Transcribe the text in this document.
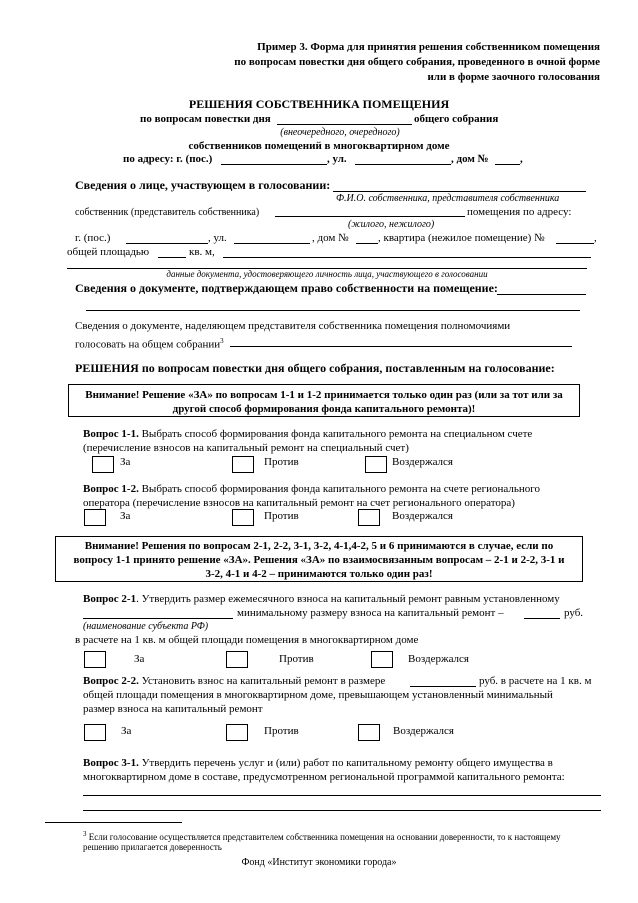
Пример 3. Форма для принятия решения собственником помещения
по вопросам повестки дня общего собрания, проведенного в очной форме
или в форме заочного голосования
РЕШЕНИЯ СОБСТВЕННИКА ПОМЕЩЕНИЯ
по вопросам повестки дня	общего собрания
(внеочередного, очередного)
собственников помещений в многоквартирном доме
по адресу: г. (пос.)	, ул.	, дом №	,
Сведения о лице, участвующем в голосовании:
Ф.И.О. собственника, представителя собственника
собственник (представитель собственника)	помещения по адресу:
(жилого, нежилого)
г. (пос.)	, ул.	, дом №	, квартира (нежилое помещение) №	,
общей площадью	кв. м,
данные документа, удостоверяющего личность лица, участвующего в голосовании
Сведения о документе, подтверждающем право собственности на помещение:
Сведения о документе, наделяющем представителя собственника помещения полномочиями
голосовать на общем собрании$^3$
РЕШЕНИЯ по вопросам повестки дня общего собрания, поставленным на голосование:
Внимание! Решение «ЗА» по вопросам 1-1 и 1-2 принимается только один раз (или за тот или за
другой способ формирования фонда капитального ремонта)!
Вопрос 1-1. Выбрать способ формирования фонда капитального ремонта на специальном счете
(перечисление взносов на капитальный ремонт на специальный счет)
За	Против	Воздержался
Вопрос 1-2. Выбрать способ формирования фонда капитального ремонта на счете регионального
оператора (перечисление взносов на капитальный ремонт на счет регионального оператора)
За	Против	Воздержался
Внимание! Решения по вопросам 2-1, 2-2, 3-1, 3-2, 4-1,4-2, 5 и 6 принимаются в случае, если по
вопросу 1-1 принято решение «ЗА». Решения «ЗА» по взаимосвязанным вопросам – 2-1 и 2-2, 3-1 и
3-2, 4-1 и 4-2 – принимаются только один раз!
Вопрос 2-1. Утвердить размер ежемесячного взноса на капитальный ремонт равным установленному
минимальному размеру взноса на капитальный ремонт –	руб.
(наименование субъекта РФ)
в расчете на 1 кв. м общей площади помещения в многоквартирном доме
За	Против	Воздержался
Вопрос 2-2. Установить взнос на капитальный ремонт в размере	руб. в расчете на 1 кв. м
общей площади помещения в многоквартирном доме, превышающем установленный минимальный
размер взноса на капитальный ремонт
За	Против	Воздержался
Вопрос 3-1. Утвердить перечень услуг и (или) работ по капитальному ремонту общего имущества в
многоквартирном доме в составе, предусмотренном региональной программой капитального ремонта:
$^3$ Если голосование осуществляется представителем собственника помещения на основании доверенности, то к настоящему
решению прилагается доверенность
Фонд «Институт экономики города»
